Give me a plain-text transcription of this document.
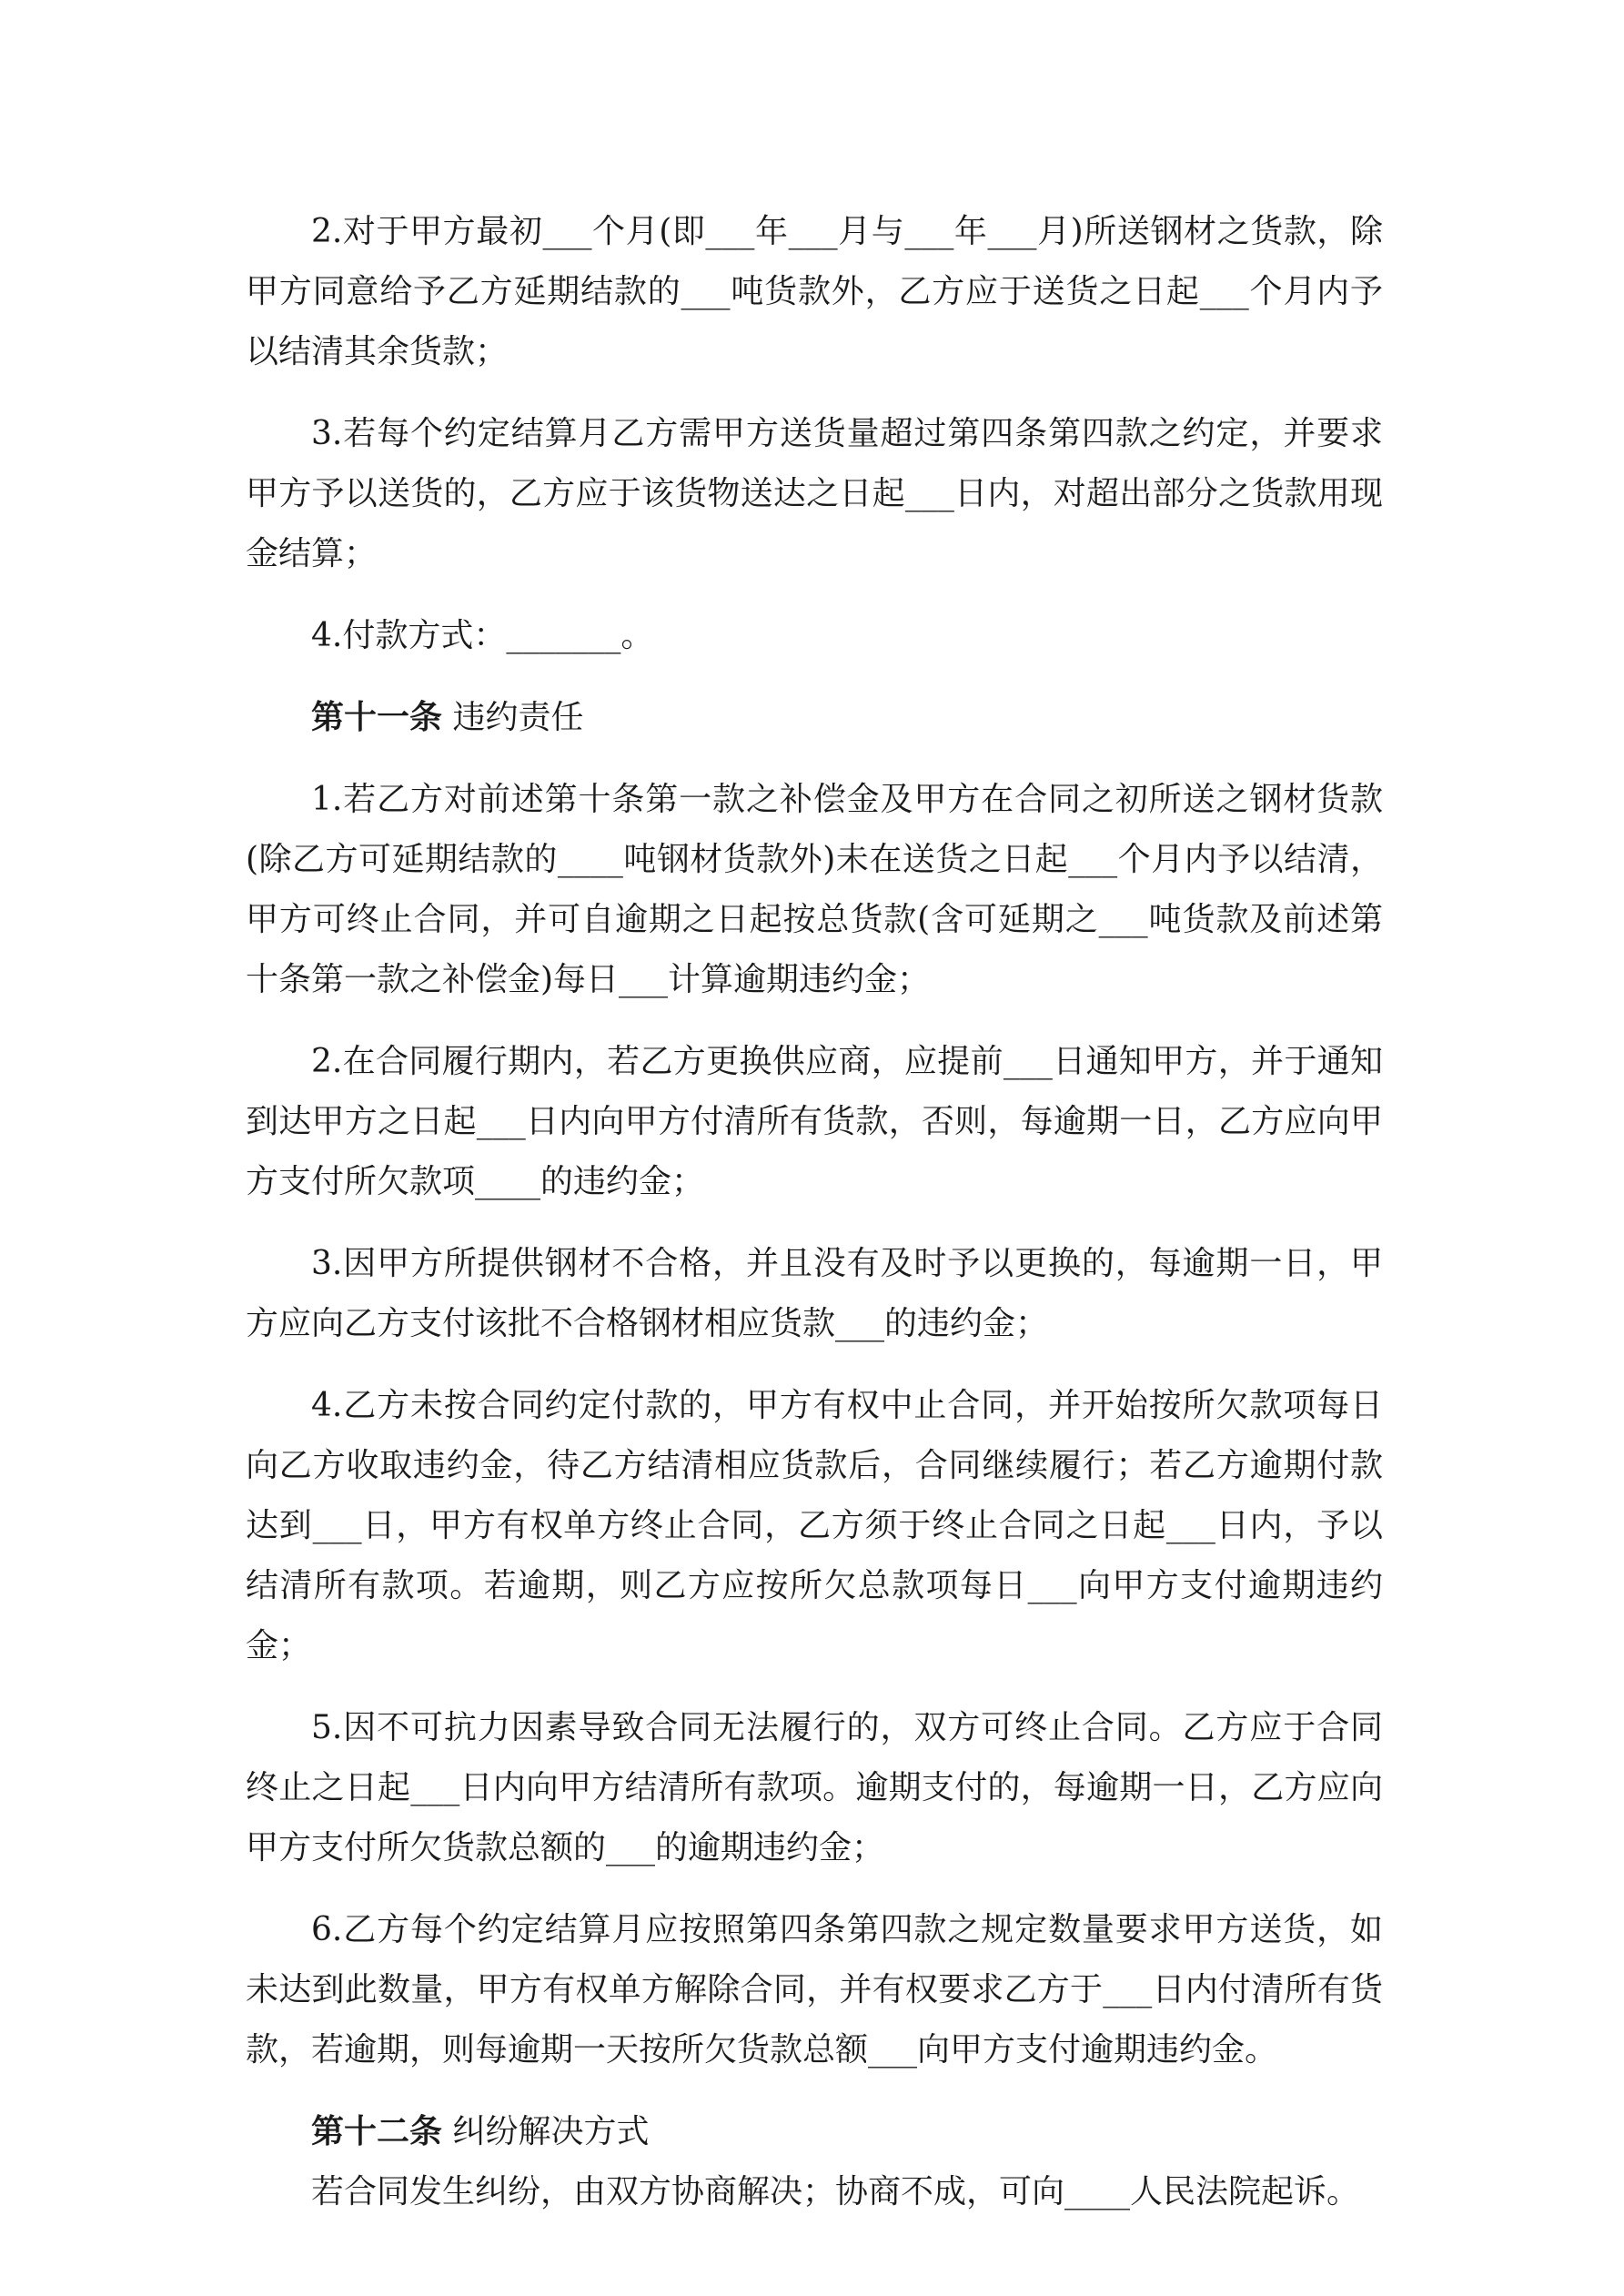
2.对于甲方最初___个月(即___年___月与___年___月)所送钢材之货款，除甲方同意给予乙方延期结款的___吨货款外，乙方应于送货之日起___个月内予以结清其余货款；

3.若每个约定结算月乙方需甲方送货量超过第四条第四款之约定，并要求甲方予以送货的，乙方应于该货物送达之日起___日内，对超出部分之货款用现金结算；

4.付款方式：_______。

第十一条 违约责任

1.若乙方对前述第十条第一款之补偿金及甲方在合同之初所送之钢材货款(除乙方可延期结款的____吨钢材货款外)未在送货之日起___个月内予以结清，甲方可终止合同，并可自逾期之日起按总货款(含可延期之___吨货款及前述第十条第一款之补偿金)每日___计算逾期违约金；

2.在合同履行期内，若乙方更换供应商，应提前___日通知甲方，并于通知到达甲方之日起___日内向甲方付清所有货款，否则，每逾期一日，乙方应向甲方支付所欠款项____的违约金；

3.因甲方所提供钢材不合格，并且没有及时予以更换的，每逾期一日，甲方应向乙方支付该批不合格钢材相应货款___的违约金；

4.乙方未按合同约定付款的，甲方有权中止合同，并开始按所欠款项每日向乙方收取违约金，待乙方结清相应货款后，合同继续履行；若乙方逾期付款达到___日，甲方有权单方终止合同，乙方须于终止合同之日起___日内，予以结清所有款项。若逾期，则乙方应按所欠总款项每日___向甲方支付逾期违约金；

5.因不可抗力因素导致合同无法履行的，双方可终止合同。乙方应于合同终止之日起___日内向甲方结清所有款项。逾期支付的，每逾期一日，乙方应向甲方支付所欠货款总额的___的逾期违约金；

6.乙方每个约定结算月应按照第四条第四款之规定数量要求甲方送货，如未达到此数量，甲方有权单方解除合同，并有权要求乙方于___日内付清所有货款，若逾期，则每逾期一天按所欠货款总额___向甲方支付逾期违约金。

第十二条 纠纷解决方式

若合同发生纠纷，由双方协商解决；协商不成，可向____人民法院起诉。
